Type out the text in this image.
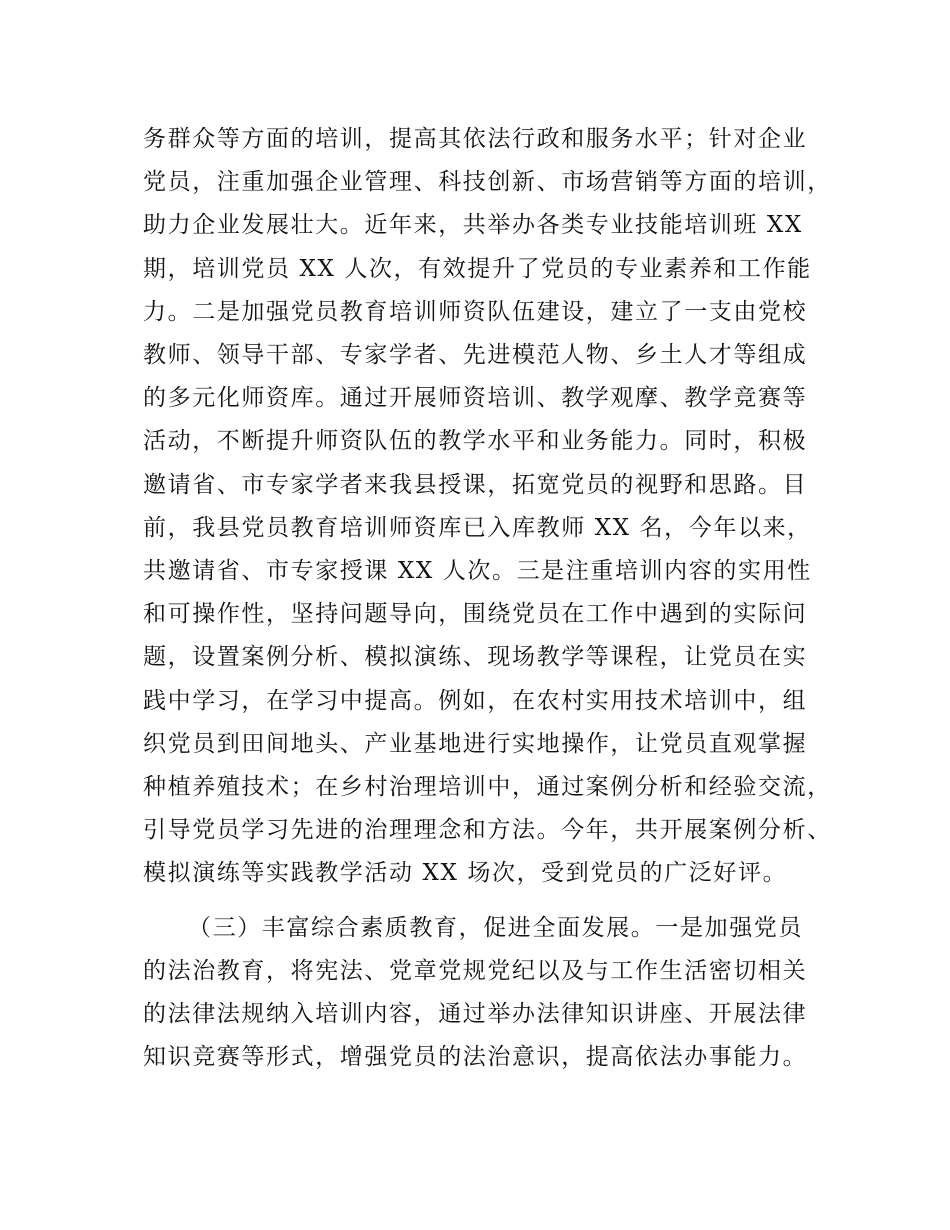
务群众等方面的培训，提高其依法行政和服务水平；针对企业
党员，注重加强企业管理、科技创新、市场营销等方面的培训，
助力企业发展壮大。近年来，共举办各类专业技能培训班 XX
期，培训党员 XX 人次，有效提升了党员的专业素养和工作能
力。二是加强党员教育培训师资队伍建设，建立了一支由党校
教师、领导干部、专家学者、先进模范人物、乡土人才等组成
的多元化师资库。通过开展师资培训、教学观摩、教学竞赛等
活动，不断提升师资队伍的教学水平和业务能力。同时，积极
邀请省、市专家学者来我县授课，拓宽党员的视野和思路。目
前，我县党员教育培训师资库已入库教师 XX 名，今年以来，
共邀请省、市专家授课 XX 人次。三是注重培训内容的实用性
和可操作性，坚持问题导向，围绕党员在工作中遇到的实际问
题，设置案例分析、模拟演练、现场教学等课程，让党员在实
践中学习，在学习中提高。例如，在农村实用技术培训中，组
织党员到田间地头、产业基地进行实地操作，让党员直观掌握
种植养殖技术；在乡村治理培训中，通过案例分析和经验交流，
引导党员学习先进的治理理念和方法。今年，共开展案例分析、
模拟演练等实践教学活动 XX 场次，受到党员的广泛好评。
（三）丰富综合素质教育，促进全面发展。一是加强党员
的法治教育，将宪法、党章党规党纪以及与工作生活密切相关
的法律法规纳入培训内容，通过举办法律知识讲座、开展法律
知识竞赛等形式，增强党员的法治意识，提高依法办事能力。
